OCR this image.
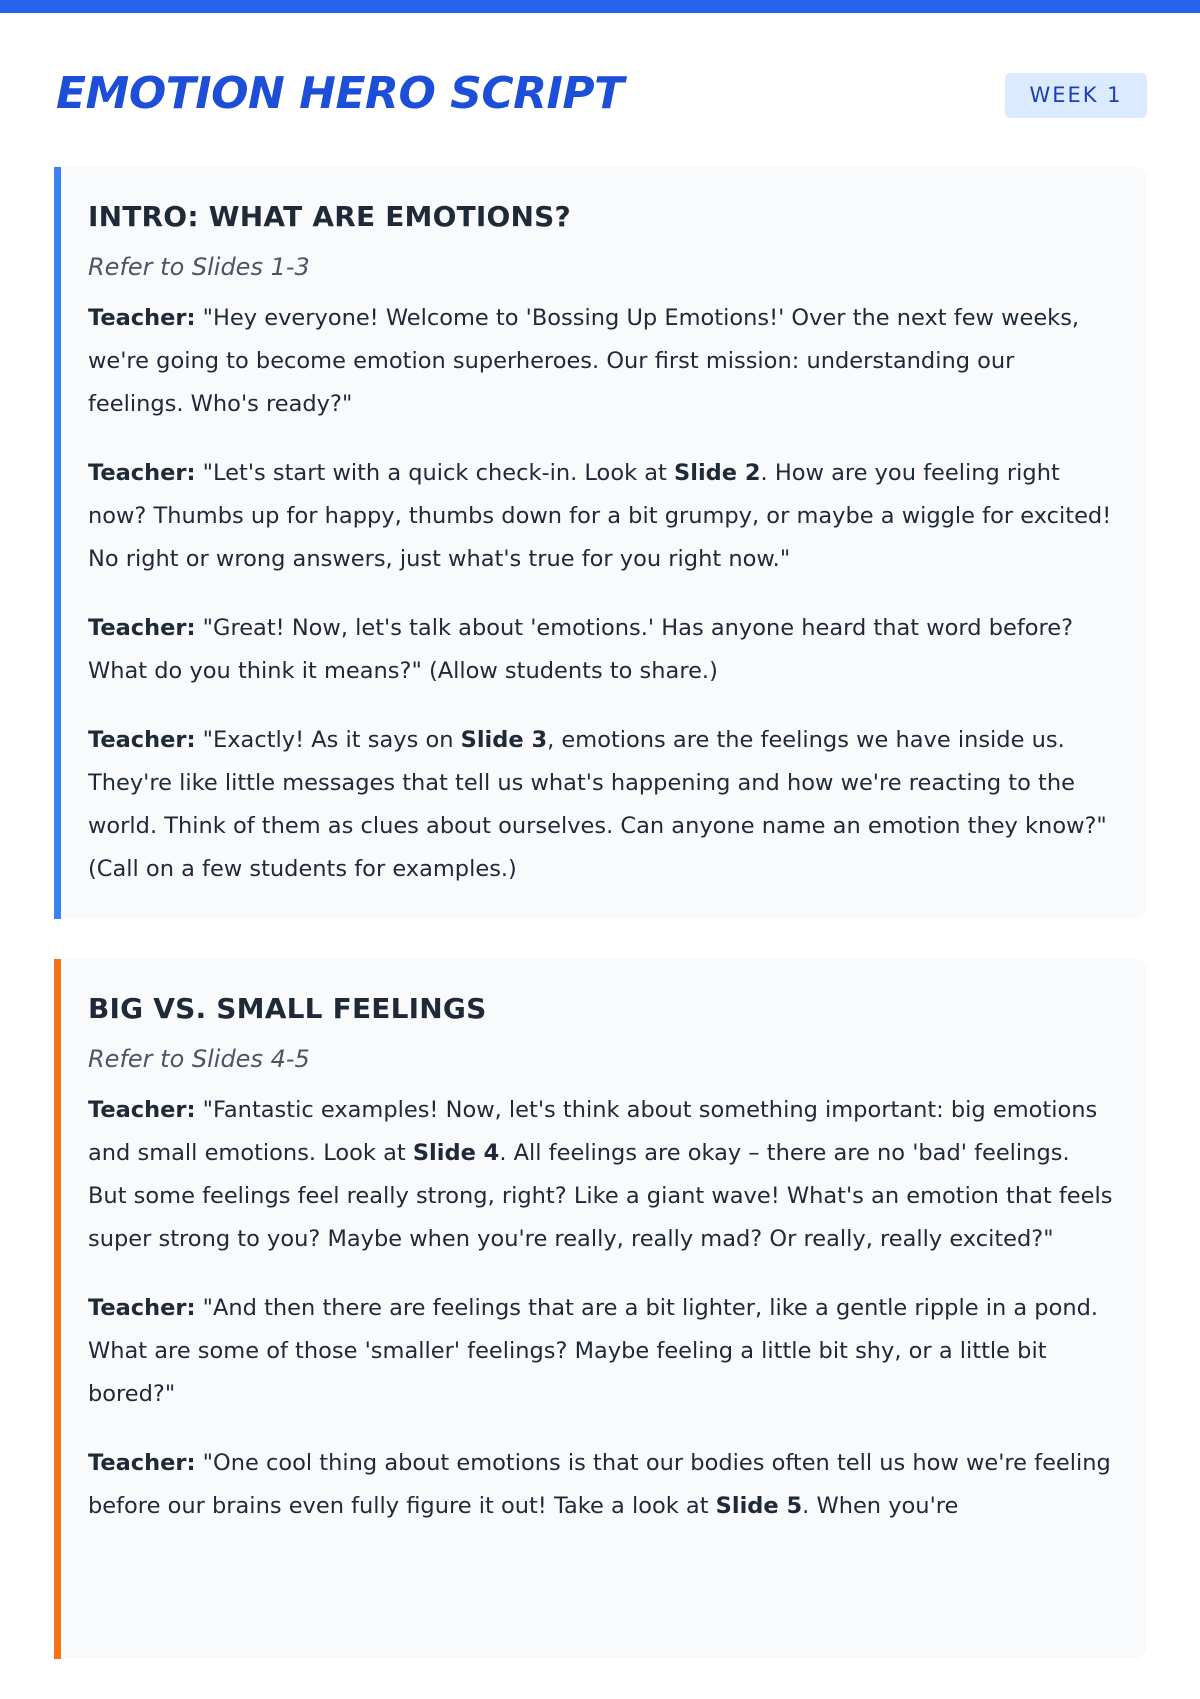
EMOTION HERO SCRIPT	WEEK 1
INTRO: WHAT ARE EMOTIONS?
Refer to Slides 1-3

Teacher: "Hey everyone! Welcome to 'Bossing Up Emotions!' Over the next few weeks, we're going to become emotion superheroes. Our first mission: understanding our feelings. Who's ready?"

Teacher: "Let's start with a quick check-in. Look at Slide 2. How are you feeling right now? Thumbs up for happy, thumbs down for a bit grumpy, or maybe a wiggle for excited! No right or wrong answers, just what's true for you right now."

Teacher: "Great! Now, let's talk about 'emotions.' Has anyone heard that word before? What do you think it means?" (Allow students to share.)

Teacher: "Exactly! As it says on Slide 3, emotions are the feelings we have inside us. They're like little messages that tell us what's happening and how we're reacting to the world. Think of them as clues about ourselves. Can anyone name an emotion they know?" (Call on a few students for examples.)

BIG VS. SMALL FEELINGS
Refer to Slides 4-5

Teacher: "Fantastic examples! Now, let's think about something important: big emotions and small emotions. Look at Slide 4. All feelings are okay – there are no 'bad' feelings. But some feelings feel really strong, right? Like a giant wave! What's an emotion that feels super strong to you? Maybe when you're really, really mad? Or really, really excited?"

Teacher: "And then there are feelings that are a bit lighter, like a gentle ripple in a pond. What are some of those 'smaller' feelings? Maybe feeling a little bit shy, or a little bit bored?"

Teacher: "One cool thing about emotions is that our bodies often tell us how we're feeling before our brains even fully figure it out! Take a look at Slide 5. When you're
